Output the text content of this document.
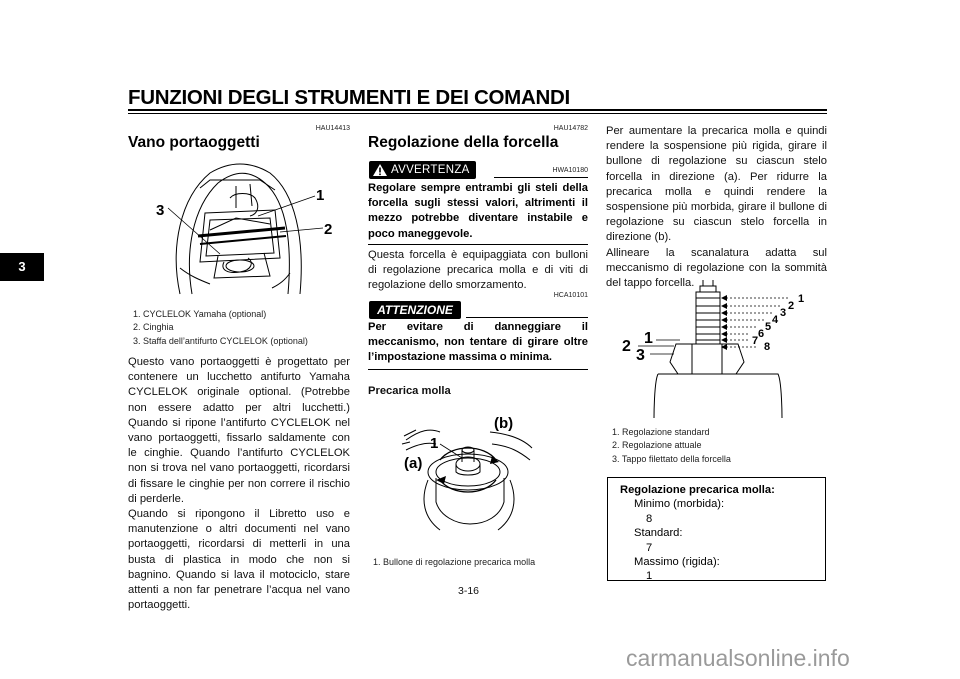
FUNZIONI DEGLI STRUMENTI E DEI COMANDI
3
HAU14413
Vano portaoggetti
1
2
3
1. CYCLELOK Yamaha (optional)
2. Cinghia
3. Staffa dell’antifurto CYCLELOK (optional)

Questo vano portaoggetti è progettato per contenere un lucchetto antifurto Yamaha CYCLELOK originale optional. (Potrebbe non essere adatto per altri lucchetti.) Quando si ripone l’antifurto CYCLELOK nel vano portaoggetti, fissarlo saldamente con le cinghie. Quando l’antifurto CYCLELOK non si trova nel vano portaoggetti, ricordarsi di fissare le cinghie per non correre il rischio di perderle.

Quando si ripongono il Libretto uso e manutenzione o altri documenti nel vano portaoggetti, ricordarsi di metterli in una busta di plastica in modo che non si bagnino. Quando si lava il motociclo, stare attenti a non far penetrare l’acqua nel vano portaoggetti.

HAU14782
Regolazione della forcella
AVVERTENZA	HWA10180
Regolare sempre entrambi gli steli della forcella sugli stessi valori, altrimenti il mezzo potrebbe diventare instabile e poco maneggevole.
Questa forcella è equipaggiata con bulloni di regolazione precarica molla e di viti di regolazione dello smorzamento.
ATTENZIONE
HCA10101
Per evitare di danneggiare il meccanismo, non tentare di girare oltre l’impostazione massima o minima.
Precarica molla
(b)
1
(a)
1. Bullone di regolazione precarica molla

Per aumentare la precarica molla e quindi rendere la sospensione più rigida, girare il bullone di regolazione su ciascun stelo forcella in direzione (a). Per ridurre la precarica molla e quindi rendere la sospensione più morbida, girare il bullone di regolazione su ciascun stelo forcella in direzione (b).

Allineare la scanalatura adatta sul meccanismo di regolazione con la sommità del tappo forcella.

1
2
3
4
5
6
7 8
1
2
3
1. Regolazione standard
2. Regolazione attuale
3. Tappo filettato della forcella
Regolazione precarica molla:
Minimo (morbida):
8
Standard:
7
Massimo (rigida):
1
3-16
carmanualsonline.info
